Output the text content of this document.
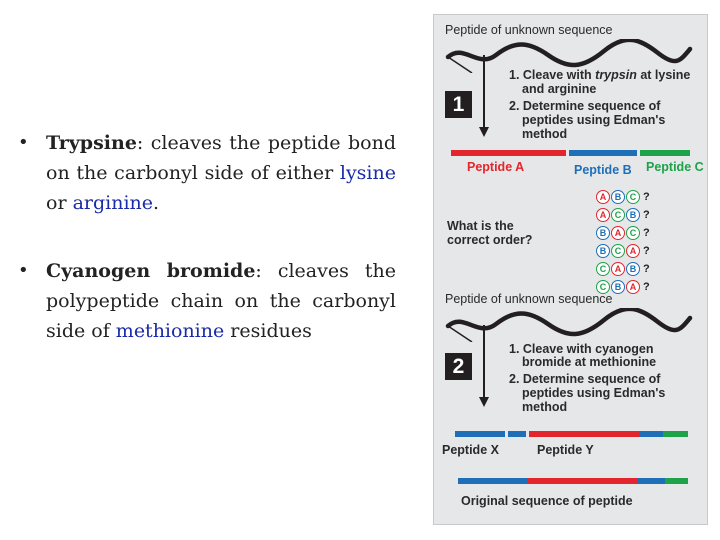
• Trypsine: cleaves the peptide bond on the carbonyl side of either lysine or arginine.
• Cyanogen bromide: cleaves the polypeptide chain on the carbonyl side of methionine residues
Peptide of unknown sequence
1
1. Cleave with trypsin at lysine
and arginine
2. Determine sequence of
peptides using Edman's
method
Peptide A	Peptide B Peptide C
What is the
correct order?
A B C ?
A C B ?
B A C ?
B C A ?
C A B ?
C B A ?
Peptide of unknown sequence
2
1. Cleave with cyanogen
bromide at methionine
2. Determine sequence of
peptides using Edman's
method
Peptide X	Peptide Y
Original sequence of peptide
